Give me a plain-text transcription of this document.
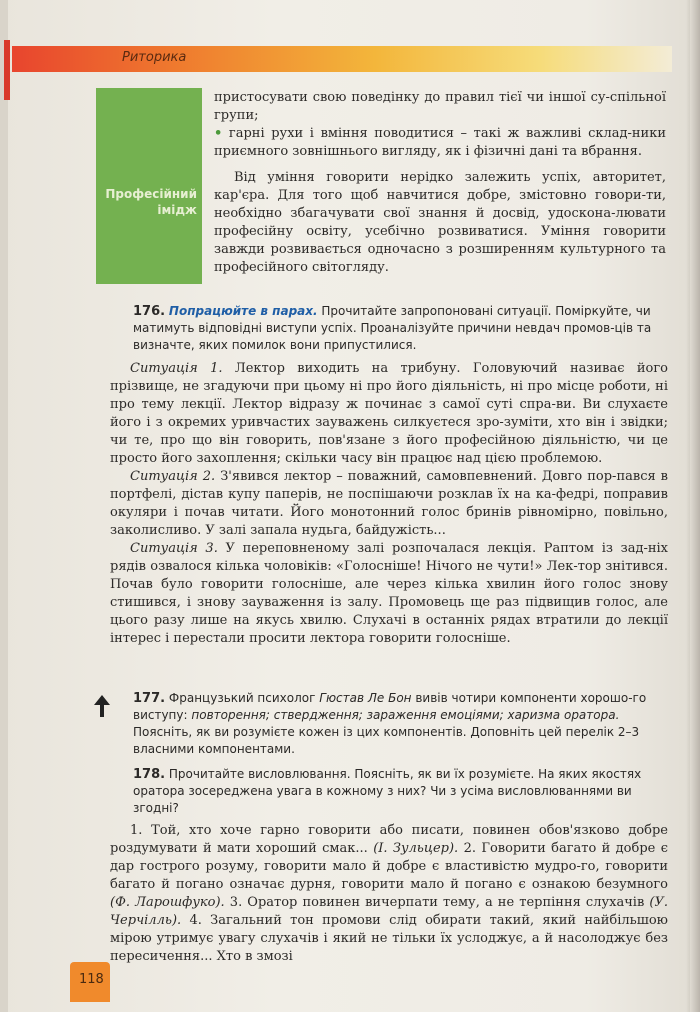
Риторика
Професійний
імідж

пристосувати свою поведінку до правил тієї чи іншої су-спільної групи;

• гарні рухи і вміння поводитися – такі ж важливі склад-ники приємного зовнішнього вигляду, як і фізичні дані та вбрання.

Від уміння говорити нерідко залежить успіх, авторитет, кар'єра. Для того щоб навчитися добре, змістовно говори-ти, необхідно збагачувати свої знання й досвід, удоскона-лювати професійну освіту, усебічно розвиватися. Уміння говорити завжди розвивається одночасно з розширенням культурного та професійного світогляду.

176. Попрацюйте в парах. Прочитайте запропоновані ситуації. Поміркуйте, чи матимуть відповідні виступи успіх. Проаналізуйте причини невдач промов-ців та визначте, яких помилок вони припустилися.

Ситуація 1. Лектор виходить на трибуну. Головуючий називає його прізвище, не згадуючи при цьому ні про його діяльність, ні про місце роботи, ні про тему лекції. Лектор відразу ж починає з самої суті спра-ви. Ви слухаєте його і з окремих уривчастих зауважень силкуєтеся зро-зуміти, хто він і звідки; чи те, про що він говорить, пов'язане з його професійною діяльністю, чи це просто його захоплення; скільки часу він працює над цією проблемою.

Ситуація 2. З'явився лектор – поважний, самовпевнений. Довго пор-пався в портфелі, дістав купу паперів, не поспішаючи розклав їх на ка-федрі, поправив окуляри і почав читати. Його монотонний голос бринів рівномірно, повільно, заколисливо. У залі запала нудьга, байдужість...

Ситуація 3. У переповненому залі розпочалася лекція. Раптом із зад-ніх рядів озвалося кілька чоловіків: «Голосніше! Нічого не чути!» Лек-тор знітився. Почав було говорити голосніше, але через кілька хвилин його голос знову стишився, і знову зауваження із залу. Промовець ще раз підвищив голос, але цього разу лише на якусь хвилю. Слухачі в останніх рядах втратили до лекції інтерес і перестали просити лектора говорити голосніше.

177. Французький психолог Гюстав Ле Бон вивів чотири компоненти хорошо-го виступу: повторення; ствердження; зараження емоціями; харизма оратора. Поясніть, як ви розумієте кожен із цих компонентів. Доповніть цей перелік 2–3 власними компонентами.
178. Прочитайте висловлювання. Поясніть, як ви їх розумієте. На яких якостях оратора зосереджена увага в кожному з них? Чи з усіма висловлюваннями ви згодні?

1. Той, хто хоче гарно говорити або писати, повинен обов'язково добре роздумувати й мати хороший смак... (І. Зульцер). 2. Говорити багато й добре є дар гострого розуму, говорити мало й добре є властивістю мудро-го, говорити багато й погано означає дурня, говорити мало й погано є ознакою безумного (Ф. Ларошфуко). 3. Оратор повинен вичерпати тему, а не терпіння слухачів (У. Черчілль). 4. Загальний тон промови слід обирати такий, який найбільшою мірою утримує увагу слухачів і який не тільки їх услоджує, а й насолоджує без пересичення... Хто в змозі

118
